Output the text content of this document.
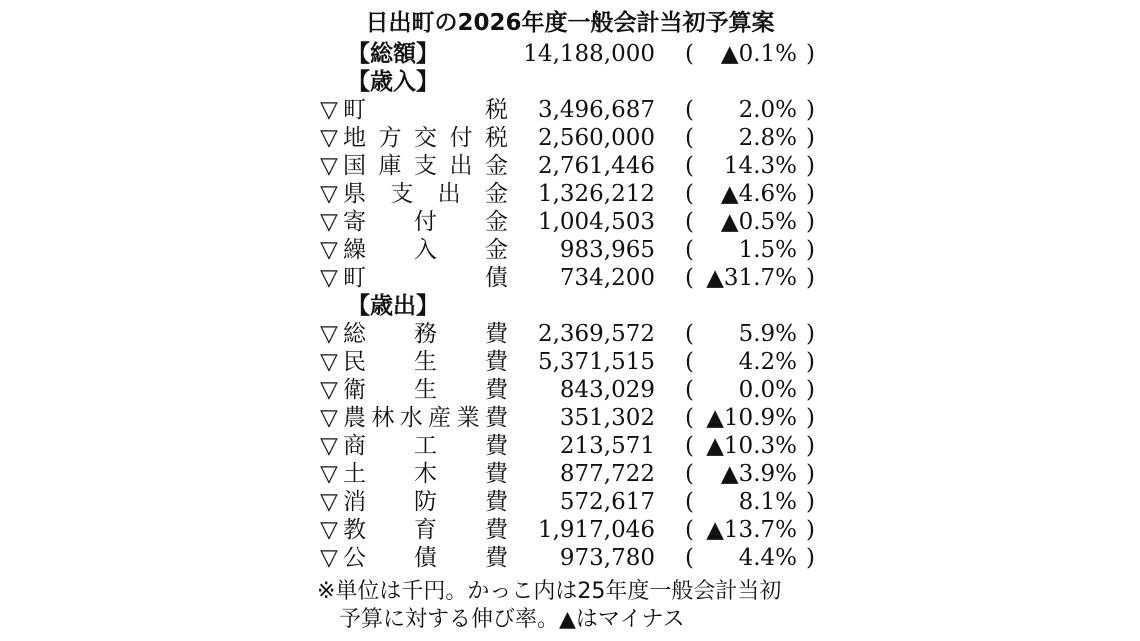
日出町の2026年度一般会計当初予算案
【総額】	14,188,000 ( ▲0.1% )
【歳入】
▽ 町	税	3,496,687 ( 2.0% )
▽ 地 方 交 付 税	2,560,000 ( 2.8% )
▽ 国 庫 支 出 金	2,761,446 ( 14.3% )
▽ 県 支 出 金	1,326,212 ( ▲4.6% )
▽ 寄 付 金	1,004,503 ( ▲0.5% )
▽ 繰 入 金	983,965 ( 1.5% )
▽ 町	債	734,200 ( ▲31.7% )
【歳出】
▽ 総 務 費	2,369,572 ( 5.9% )
▽ 民 生 費	5,371,515 ( 4.2% )
▽ 衛 生 費	843,029 ( 0.0% )
▽ 農 林 水 産 業 費	351,302 ( ▲10.9% )
▽ 商 工 費	213,571 ( ▲10.3% )
▽ 土 木 費	877,722 ( ▲3.9% )
▽ 消 防 費	572,617 ( 8.1% )
▽ 教 育 費	1,917,046 ( ▲13.7% )
▽ 公 債 費	973,780 ( 4.4% )
※単位は千円。かっこ内は25年度一般会計当初
　予算に対する伸び率。▲はマイナス
